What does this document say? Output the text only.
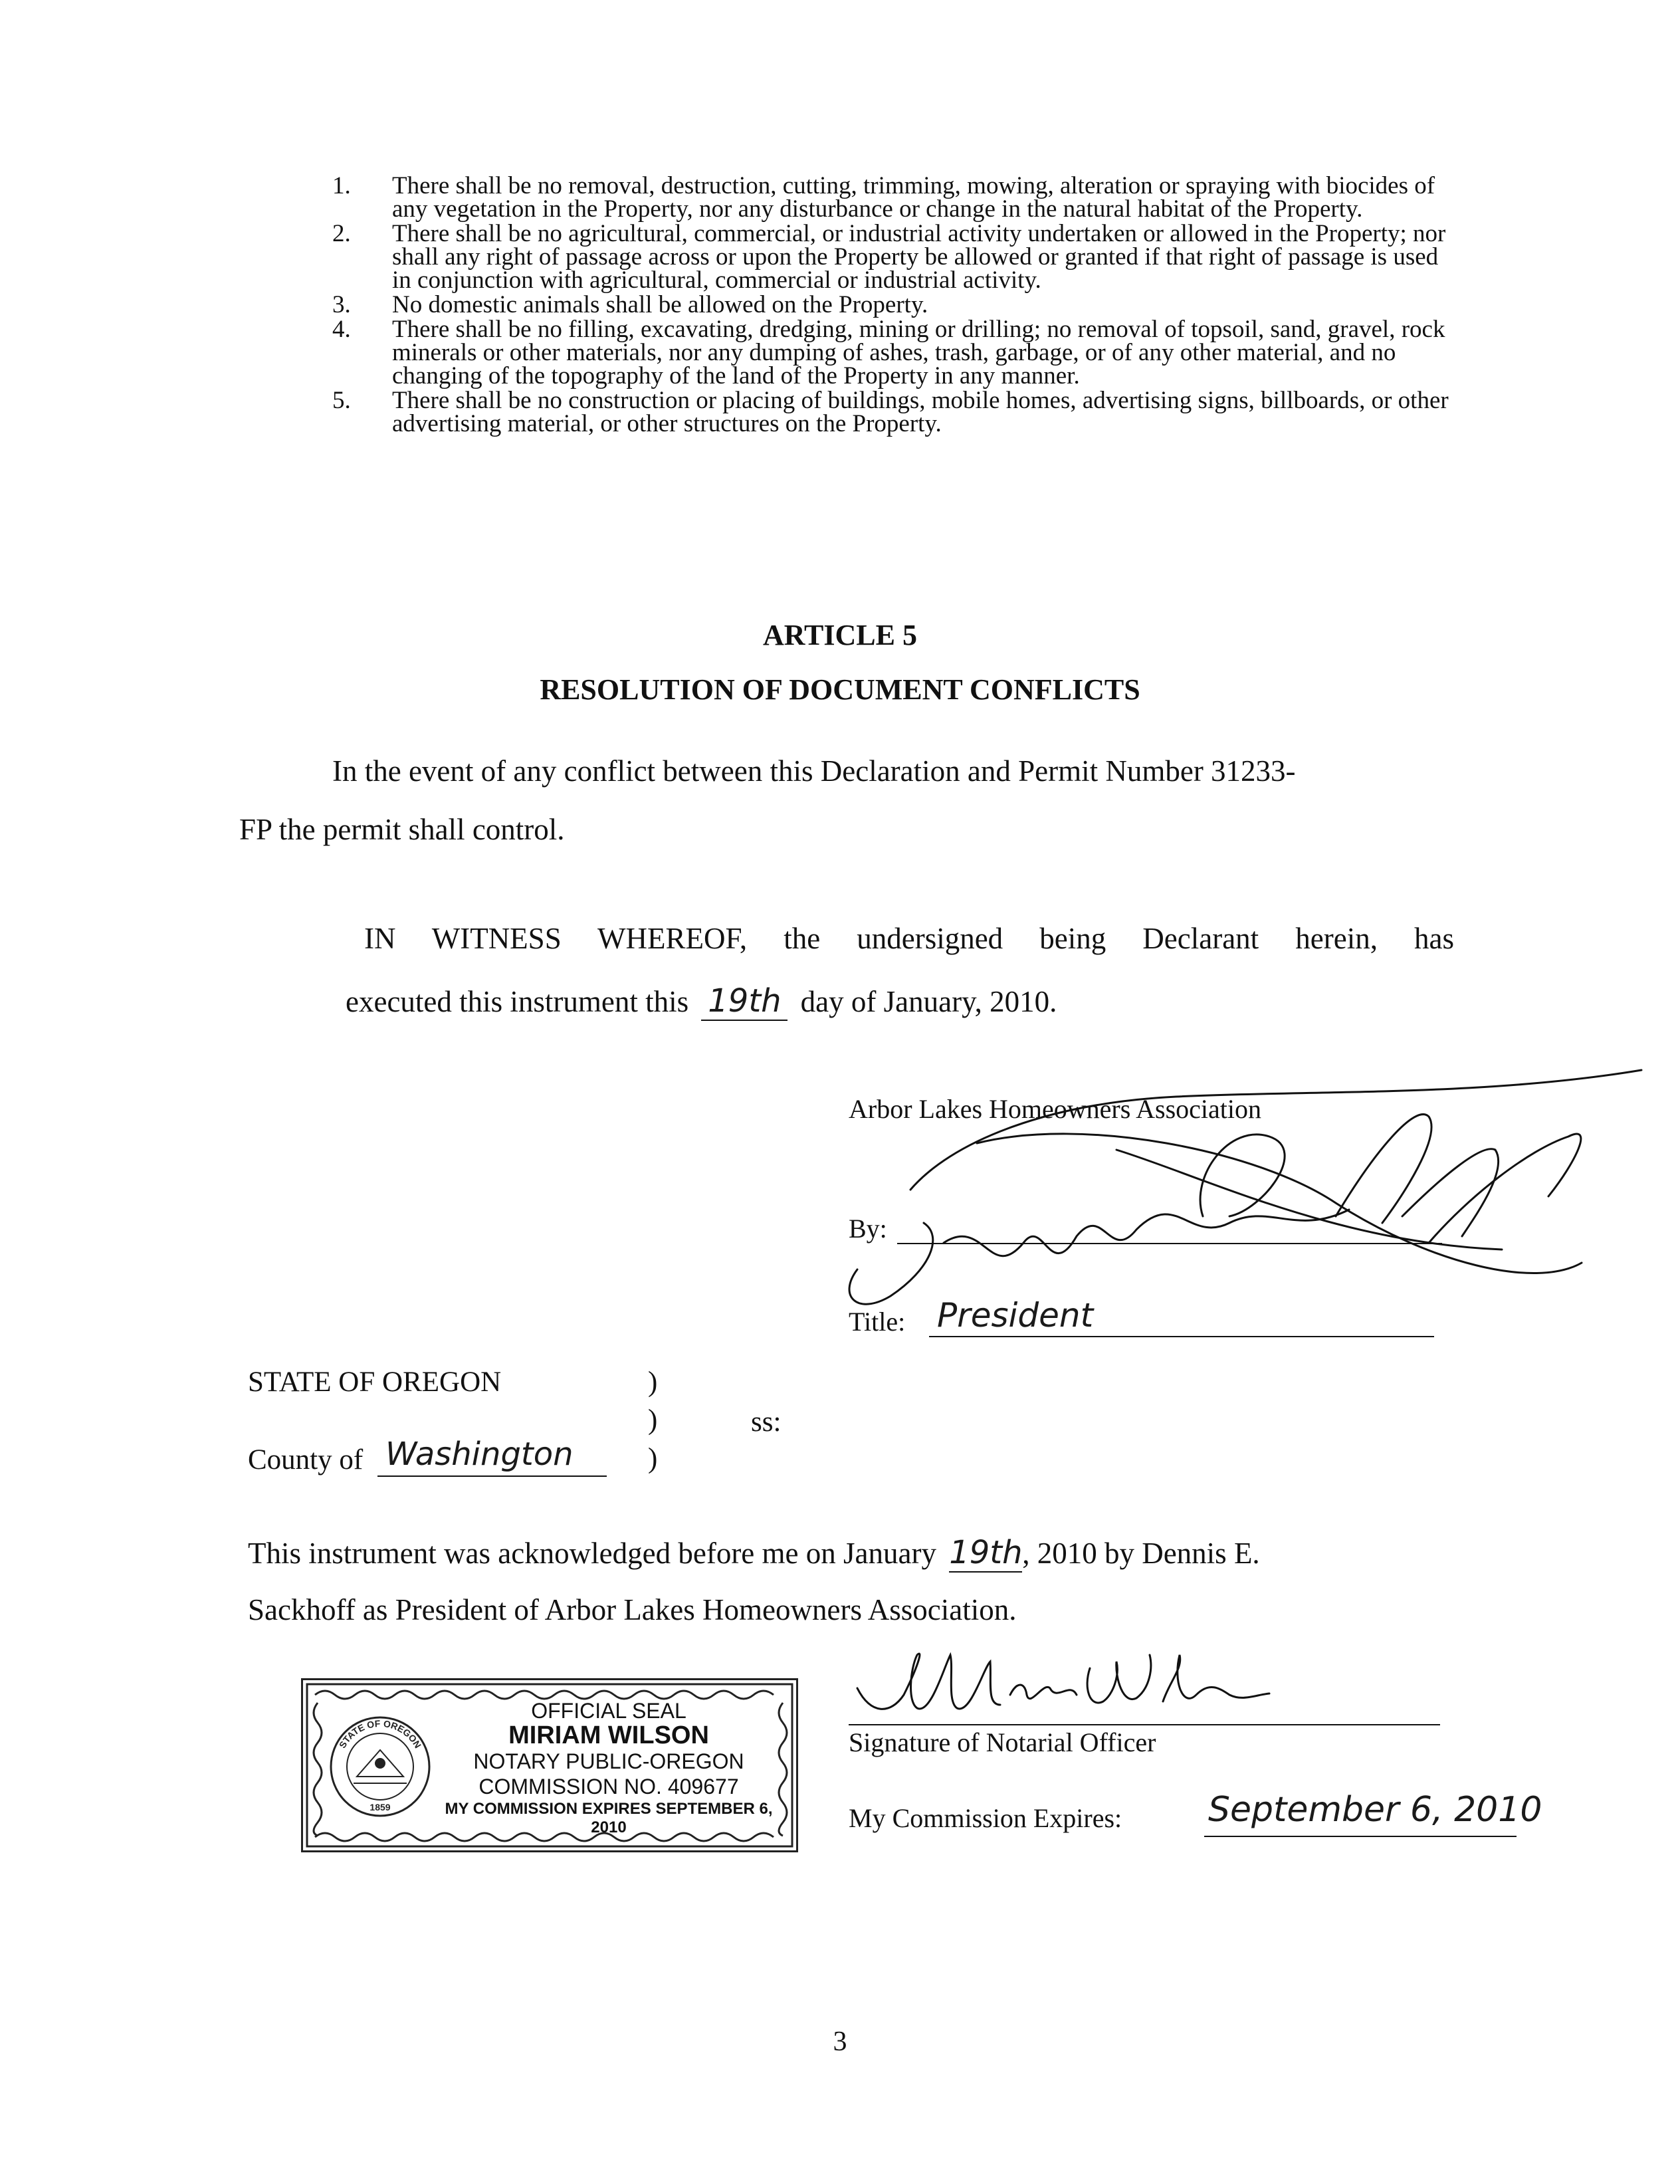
1. There shall be no removal, destruction, cutting, trimming, mowing, alteration or spraying with biocides of any vegetation in the Property, nor any disturbance or change in the natural habitat of the Property.
2. There shall be no agricultural, commercial, or industrial activity undertaken or allowed in the Property; nor shall any right of passage across or upon the Property be allowed or granted if that right of passage is used in conjunction with agricultural, commercial or industrial activity.
3. No domestic animals shall be allowed on the Property.
4. There shall be no filling, excavating, dredging, mining or drilling; no removal of topsoil, sand, gravel, rock minerals or other materials, nor any dumping of ashes, trash, garbage, or of any other material, and no changing of the topography of the land of the Property in any manner.
5. There shall be no construction or placing of buildings, mobile homes, advertising signs, billboards, or other advertising material, or other structures on the Property.
ARTICLE 5
RESOLUTION OF DOCUMENT CONFLICTS
In the event of any conflict between this Declaration and Permit Number 31233-
FP the permit shall control.
IN WITNESS WHEREOF, the undersigned being Declarant herein, has
executed this instrument this 19th day of January, 2010.
Arbor Lakes Homeowners Association
By:
Title: President
STATE OF OREGON	)
)
)
ss:
County of Washington
This instrument was acknowledged before me on January 19th, 2010 by Dennis E.
Sackhoff as President of Arbor Lakes Homeowners Association.
STATE OF OREGON
1859
OFFICIAL SEAL
MIRIAM WILSON
NOTARY PUBLIC-OREGON
COMMISSION NO. 409677
MY COMMISSION EXPIRES SEPTEMBER 6, 2010
Signature of Notarial Officer
My Commission Expires: September 6, 2010
3
